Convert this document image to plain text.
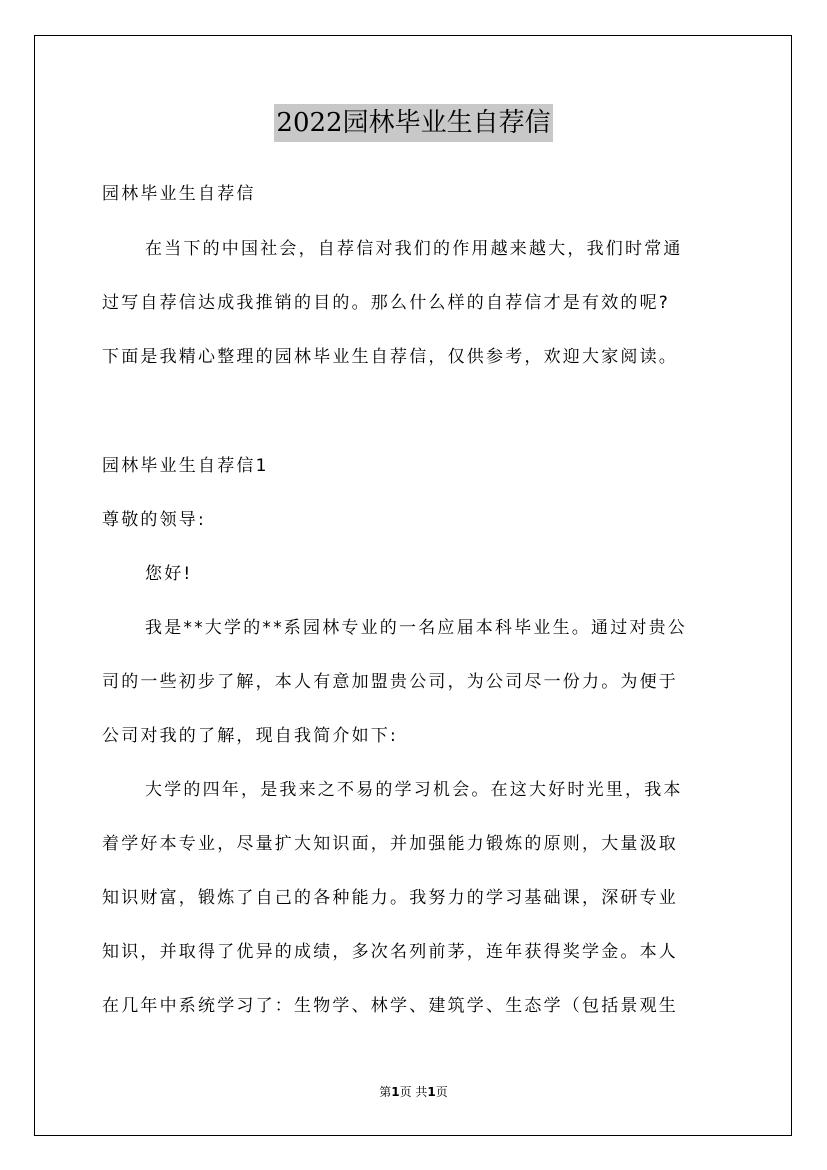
2022园林毕业生自荐信
园林毕业生自荐信
在当下的中国社会，自荐信对我们的作用越来越大，我们时常通
过写自荐信达成我推销的目的。那么什么样的自荐信才是有效的呢?
下面是我精心整理的园林毕业生自荐信，仅供参考，欢迎大家阅读。
园林毕业生自荐信1
尊敬的领导:
您好!
我是**大学的**系园林专业的一名应届本科毕业生。通过对贵公
司的一些初步了解，本人有意加盟贵公司，为公司尽一份力。为便于
公司对我的了解，现自我简介如下:
大学的四年，是我来之不易的学习机会。在这大好时光里，我本
着学好本专业，尽量扩大知识面，并加强能力锻炼的原则，大量汲取
知识财富，锻炼了自己的各种能力。我努力的学习基础课，深研专业
知识，并取得了优异的成绩，多次名列前茅，连年获得奖学金。本人
在几年中系统学习了：生物学、林学、建筑学、生态学（包括景观生
第1页 共1页
